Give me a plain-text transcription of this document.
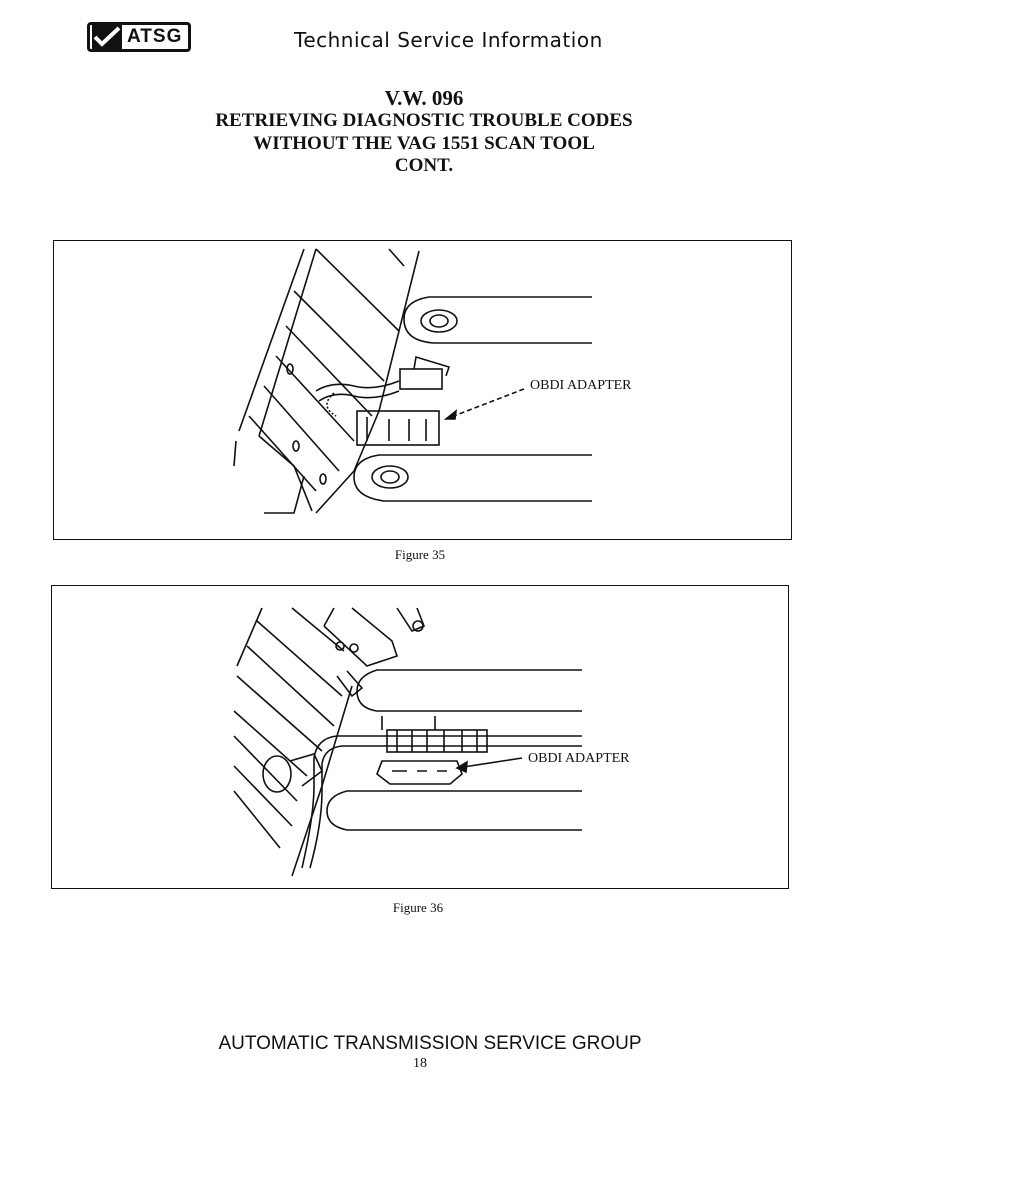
ATSG	Technical Service Information
V.W. 096
RETRIEVING DIAGNOSTIC TROUBLE CODES
WITHOUT THE VAG 1551 SCAN TOOL
CONT.
OBDI ADAPTER
Figure 35
OBDI ADAPTER
Figure 36
AUTOMATIC TRANSMISSION SERVICE GROUP
18
